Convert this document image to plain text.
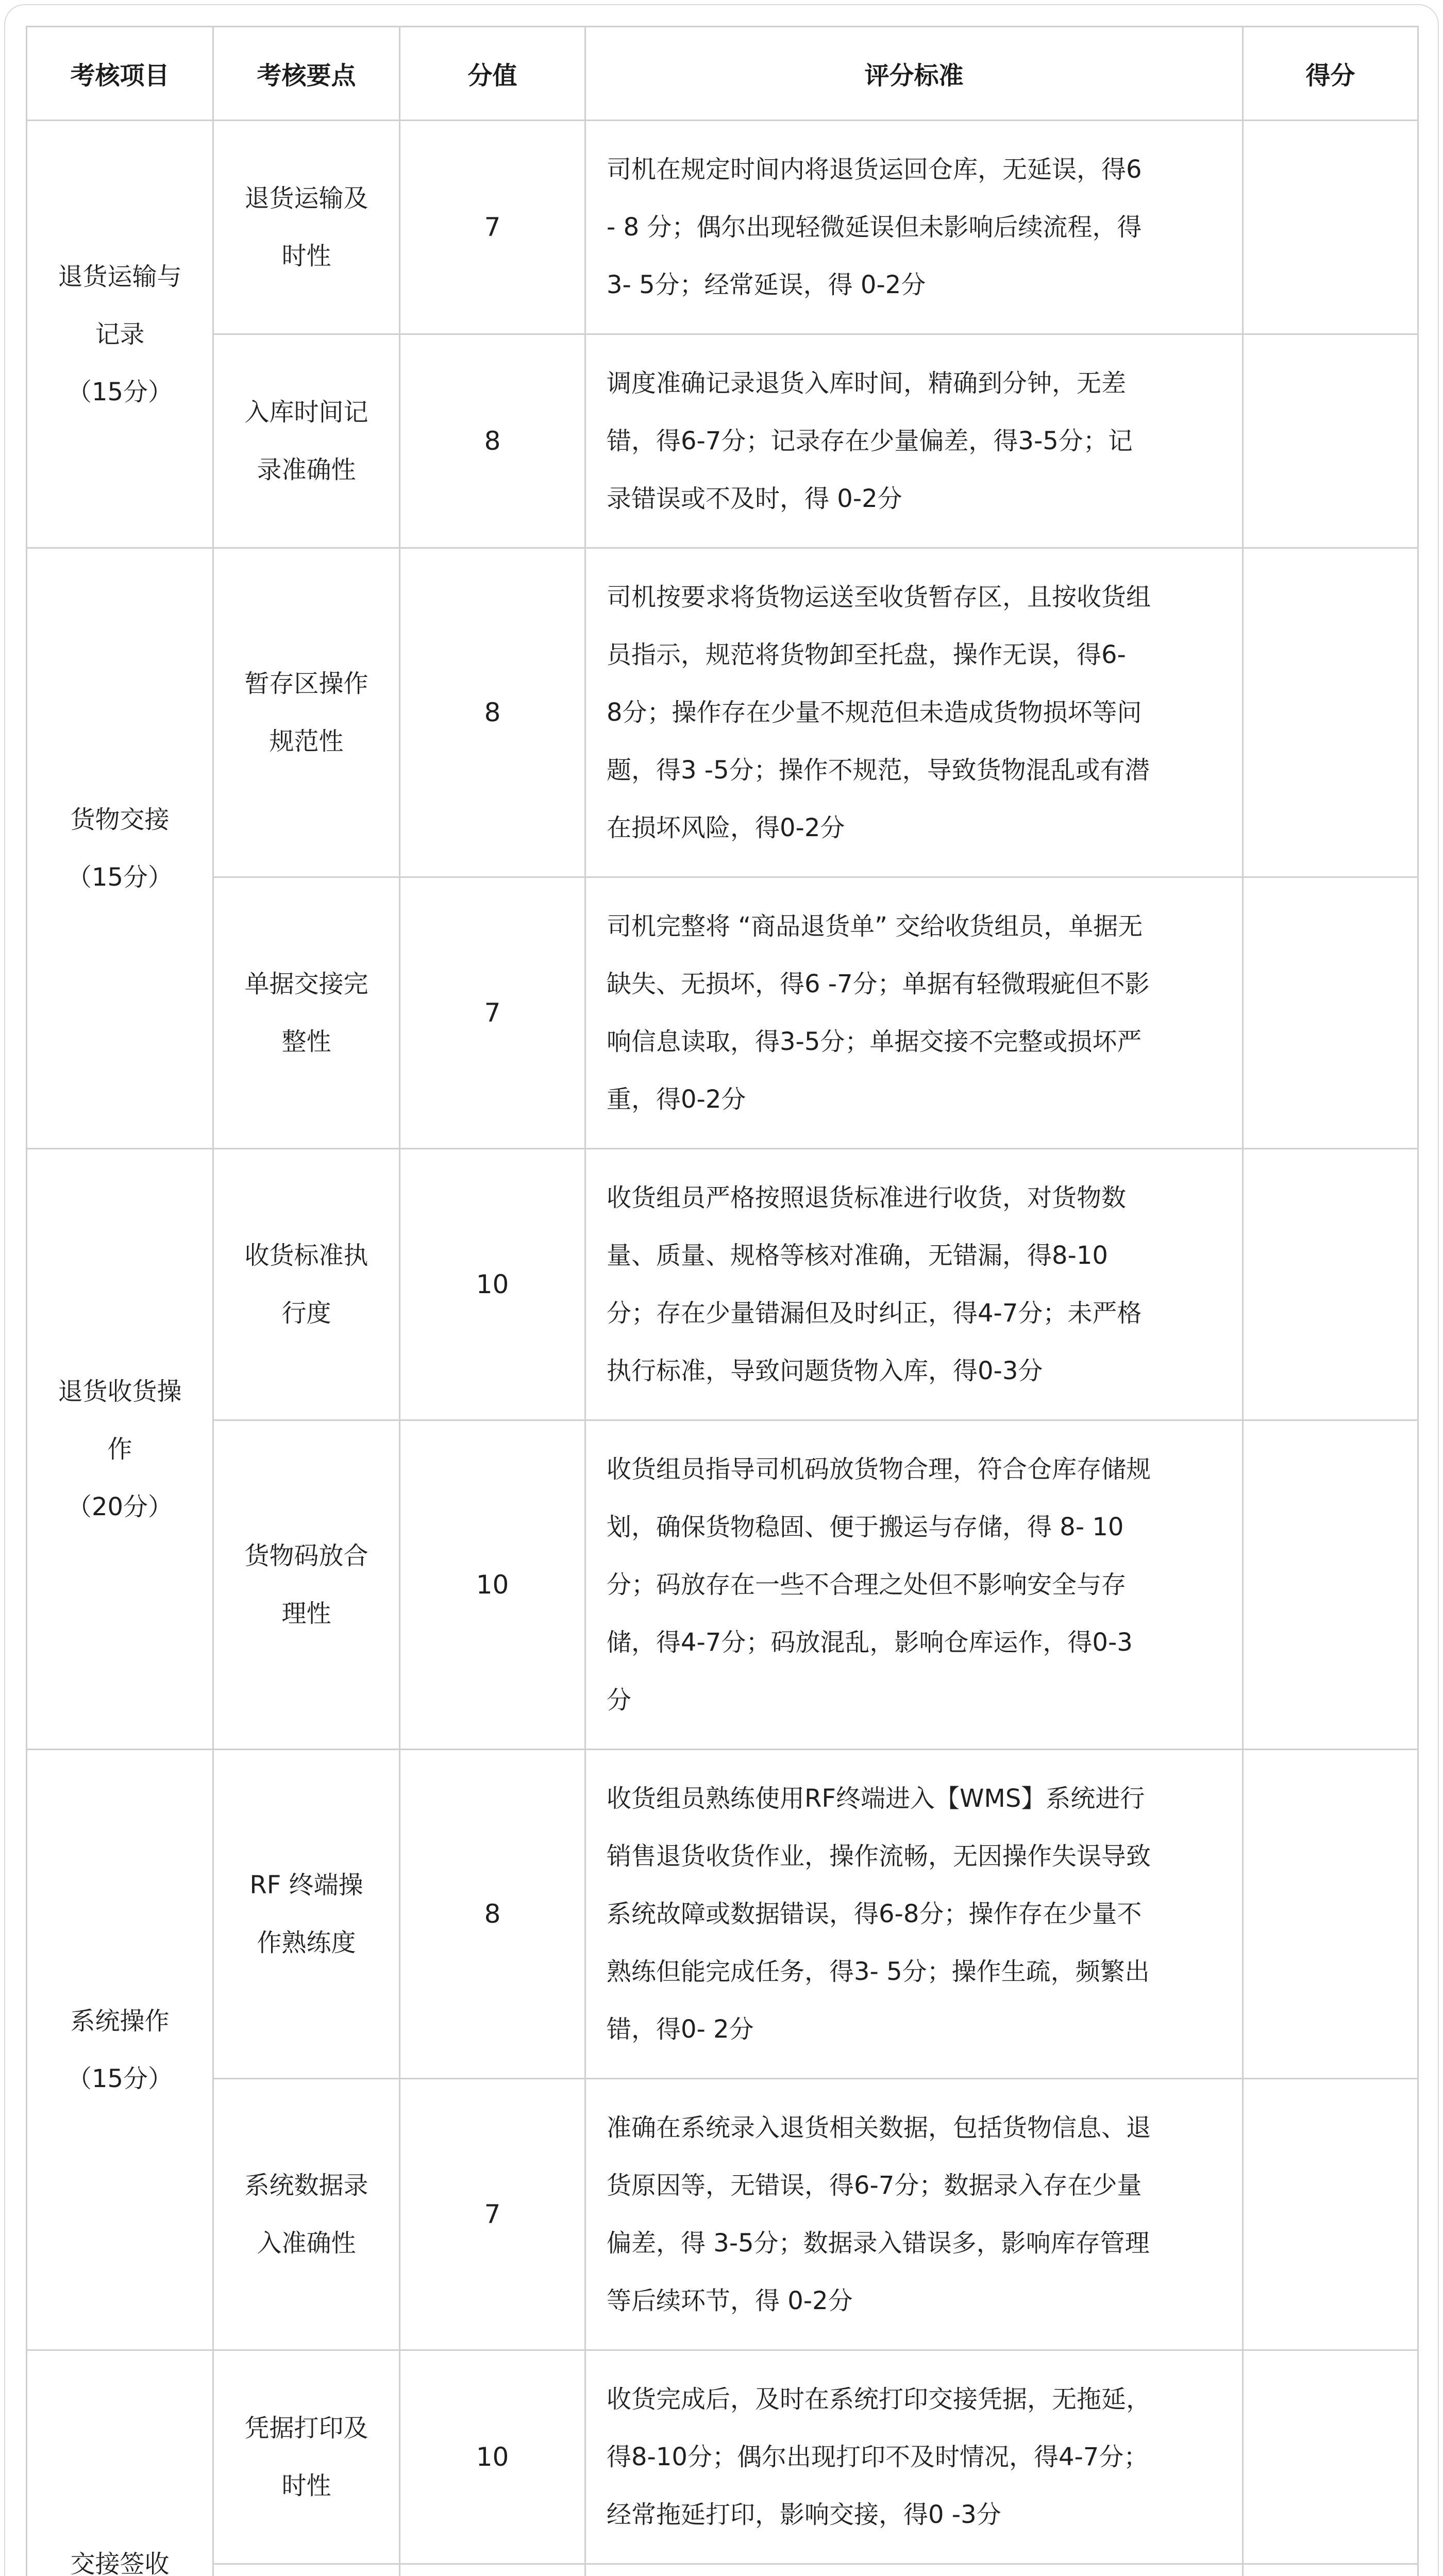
考核项目	考核要点	分值	评分标准	得分

退货运输与
记录
（15分）	退货运输及
时性	7	司机在规定时间内将退货运回仓库，无延误，得6
- 8 分；偶尔出现轻微延误但未影响后续流程，得
3- 5分；经常延误，得 0-2分	

	入库时间记
录准确性	8	调度准确记录退货入库时间，精确到分钟，无差
错，得6-7分；记录存在少量偏差，得3-5分；记
录错误或不及时，得 0-2分	

货物交接
（15分）	暂存区操作
规范性	8	司机按要求将货物运送至收货暂存区，且按收货组
员指示，规范将货物卸至托盘，操作无误，得6-
8分；操作存在少量不规范但未造成货物损坏等问
题，得3 -5分；操作不规范，导致货物混乱或有潜
在损坏风险，得0-2分	

	单据交接完
整性	7	司机完整将 “商品退货单” 交给收货组员，单据无
缺失、无损坏，得6 -7分；单据有轻微瑕疵但不影
响信息读取，得3-5分；单据交接不完整或损坏严
重，得0-2分	

退货收货操
作
（20分）	收货标准执
行度	10	收货组员严格按照退货标准进行收货，对货物数
量、质量、规格等核对准确，无错漏，得8-10
分；存在少量错漏但及时纠正，得4-7分；未严格
执行标准，导致问题货物入库，得0-3分	

	货物码放合
理性	10	收货组员指导司机码放货物合理，符合仓库存储规
划，确保货物稳固、便于搬运与存储，得 8- 10
分；码放存在一些不合理之处但不影响安全与存
储，得4-7分；码放混乱，影响仓库运作，得0-3
分	

系统操作
（15分）	RF 终端操
作熟练度	8	收货组员熟练使用RF终端进入【WMS】系统进行
销售退货收货作业，操作流畅，无因操作失误导致
系统故障或数据错误，得6-8分；操作存在少量不
熟练但能完成任务，得3- 5分；操作生疏，频繁出
错，得0- 2分	

	系统数据录
入准确性	7	准确在系统录入退货相关数据，包括货物信息、退
货原因等，无错误，得6-7分；数据录入存在少量
偏差，得 3-5分；数据录入错误多，影响库存管理
等后续环节，得 0-2分	

交接签收	凭据打印及
时性	10	收货完成后，及时在系统打印交接凭据，无拖延，
得8-10分；偶尔出现打印不及时情况，得4-7分；
经常拖延打印，影响交接，得0 -3分	
